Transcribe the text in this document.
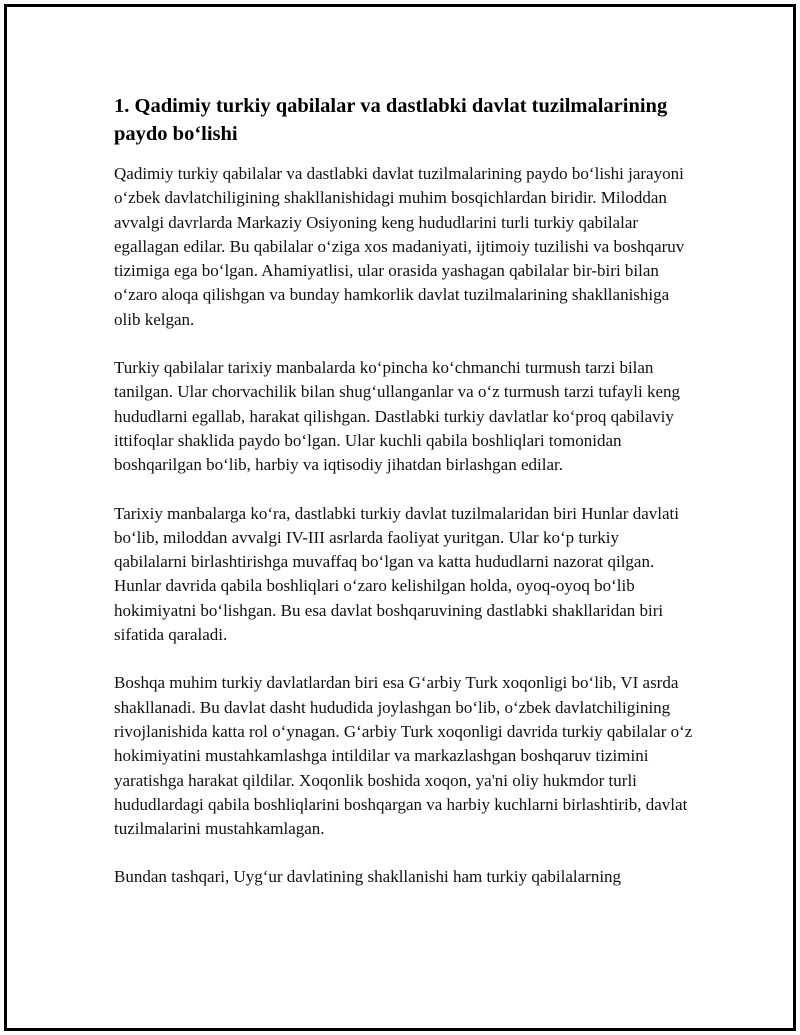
1. Qadimiy turkiy qabilalar va dastlabki davlat tuzilmalarining paydo bo‘lishi

Qadimiy turkiy qabilalar va dastlabki davlat tuzilmalarining paydo bo‘lishi jarayoni o‘zbek davlatchiligining shakllanishidagi muhim bosqichlardan biridir. Miloddan avvalgi davrlarda Markaziy Osiyoning keng hududlarini turli turkiy qabilalar egallagan edilar. Bu qabilalar o‘ziga xos madaniyati, ijtimoiy tuzilishi va boshqaruv tizimiga ega bo‘lgan. Ahamiyatlisi, ular orasida yashagan qabilalar bir-biri bilan o‘zaro aloqa qilishgan va bunday hamkorlik davlat tuzilmalarining shakllanishiga olib kelgan.

Turkiy qabilalar tarixiy manbalarda ko‘pincha ko‘chmanchi turmush tarzi bilan tanilgan. Ular chorvachilik bilan shug‘ullanganlar va o‘z turmush tarzi tufayli keng hududlarni egallab, harakat qilishgan. Dastlabki turkiy davlatlar ko‘proq qabilaviy ittifoqlar shaklida paydo bo‘lgan. Ular kuchli qabila boshliqlari tomonidan boshqarilgan bo‘lib, harbiy va iqtisodiy jihatdan birlashgan edilar.

Tarixiy manbalarga ko‘ra, dastlabki turkiy davlat tuzilmalaridan biri Hunlar davlati bo‘lib, miloddan avvalgi IV-III asrlarda faoliyat yuritgan. Ular ko‘p turkiy qabilalarni birlashtirishga muvaffaq bo‘lgan va katta hududlarni nazorat qilgan. Hunlar davrida qabila boshliqlari o‘zaro kelishilgan holda, oyoq-oyoq bo‘lib hokimiyatni bo‘lishgan. Bu esa davlat boshqaruvining dastlabki shakllaridan biri sifatida qaraladi.

Boshqa muhim turkiy davlatlardan biri esa G‘arbiy Turk xoqonligi bo‘lib, VI asrda shakllanadi. Bu davlat dasht hududida joylashgan bo‘lib, o‘zbek davlatchiligining rivojlanishida katta rol o‘ynagan. G‘arbiy Turk xoqonligi davrida turkiy qabilalar o‘z hokimiyatini mustahkamlashga intildilar va markazlashgan boshqaruv tizimini yaratishga harakat qildilar. Xoqonlik boshida xoqon, ya'ni oliy hukmdor turli hududlardagi qabila boshliqlarini boshqargan va harbiy kuchlarni birlashtirib, davlat tuzilmalarini mustahkamlagan.

Bundan tashqari, Uyg‘ur davlatining shakllanishi ham turkiy qabilalarning
